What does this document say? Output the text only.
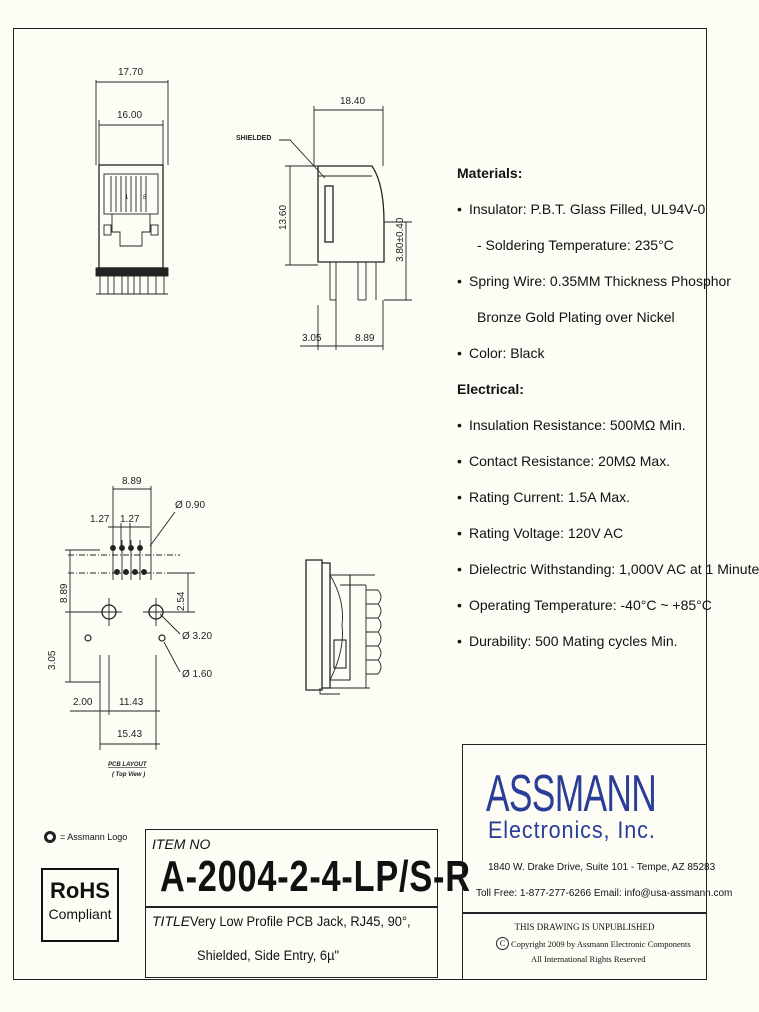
17.70
16.00
1 8
18.40
SHIELDED
13.60
3.80±0.40
3.05	8.89
8.89
1.27 1.27
Ø 0.90
8.89	2.54
Ø 3.20
3.05
Ø 1.60
2.00	11.43
15.43
PCB LAYOUT
( Top View )
Materials:
• Insulator: P.B.T. Glass Filled, UL94V-0
- Soldering Temperature: 235°C
• Spring Wire: 0.35MM Thickness Phosphor
Bronze Gold Plating over Nickel
• Color: Black
Electrical:
• Insulation Resistance: 500MΩ Min.
• Contact Resistance: 20MΩ Max.
• Rating Current: 1.5A Max.
• Rating Voltage: 120V AC
• Dielectric Withstanding: 1,000V AC at 1 Minute
• Operating Temperature: -40°C ~ +85°C
• Durability: 500 Mating cycles Min.
= Assmann Logo
RoHS
Compliant
ITEM NO
A-2004-2-4-LP/S-R
TITLE Very Low Profile PCB Jack, RJ45, 90°,
Shielded, Side Entry, 6µ"
ASSMANN
Electronics, Inc.
1840 W. Drake Drive, Suite 101 - Tempe, AZ 85283
Toll Free: 1-877-277-6266 Email: info@usa-assmann.com
THIS DRAWING IS UNPUBLISHED
C Copyright 2009 by Assmann Electronic Components
All International Rights Reserved
